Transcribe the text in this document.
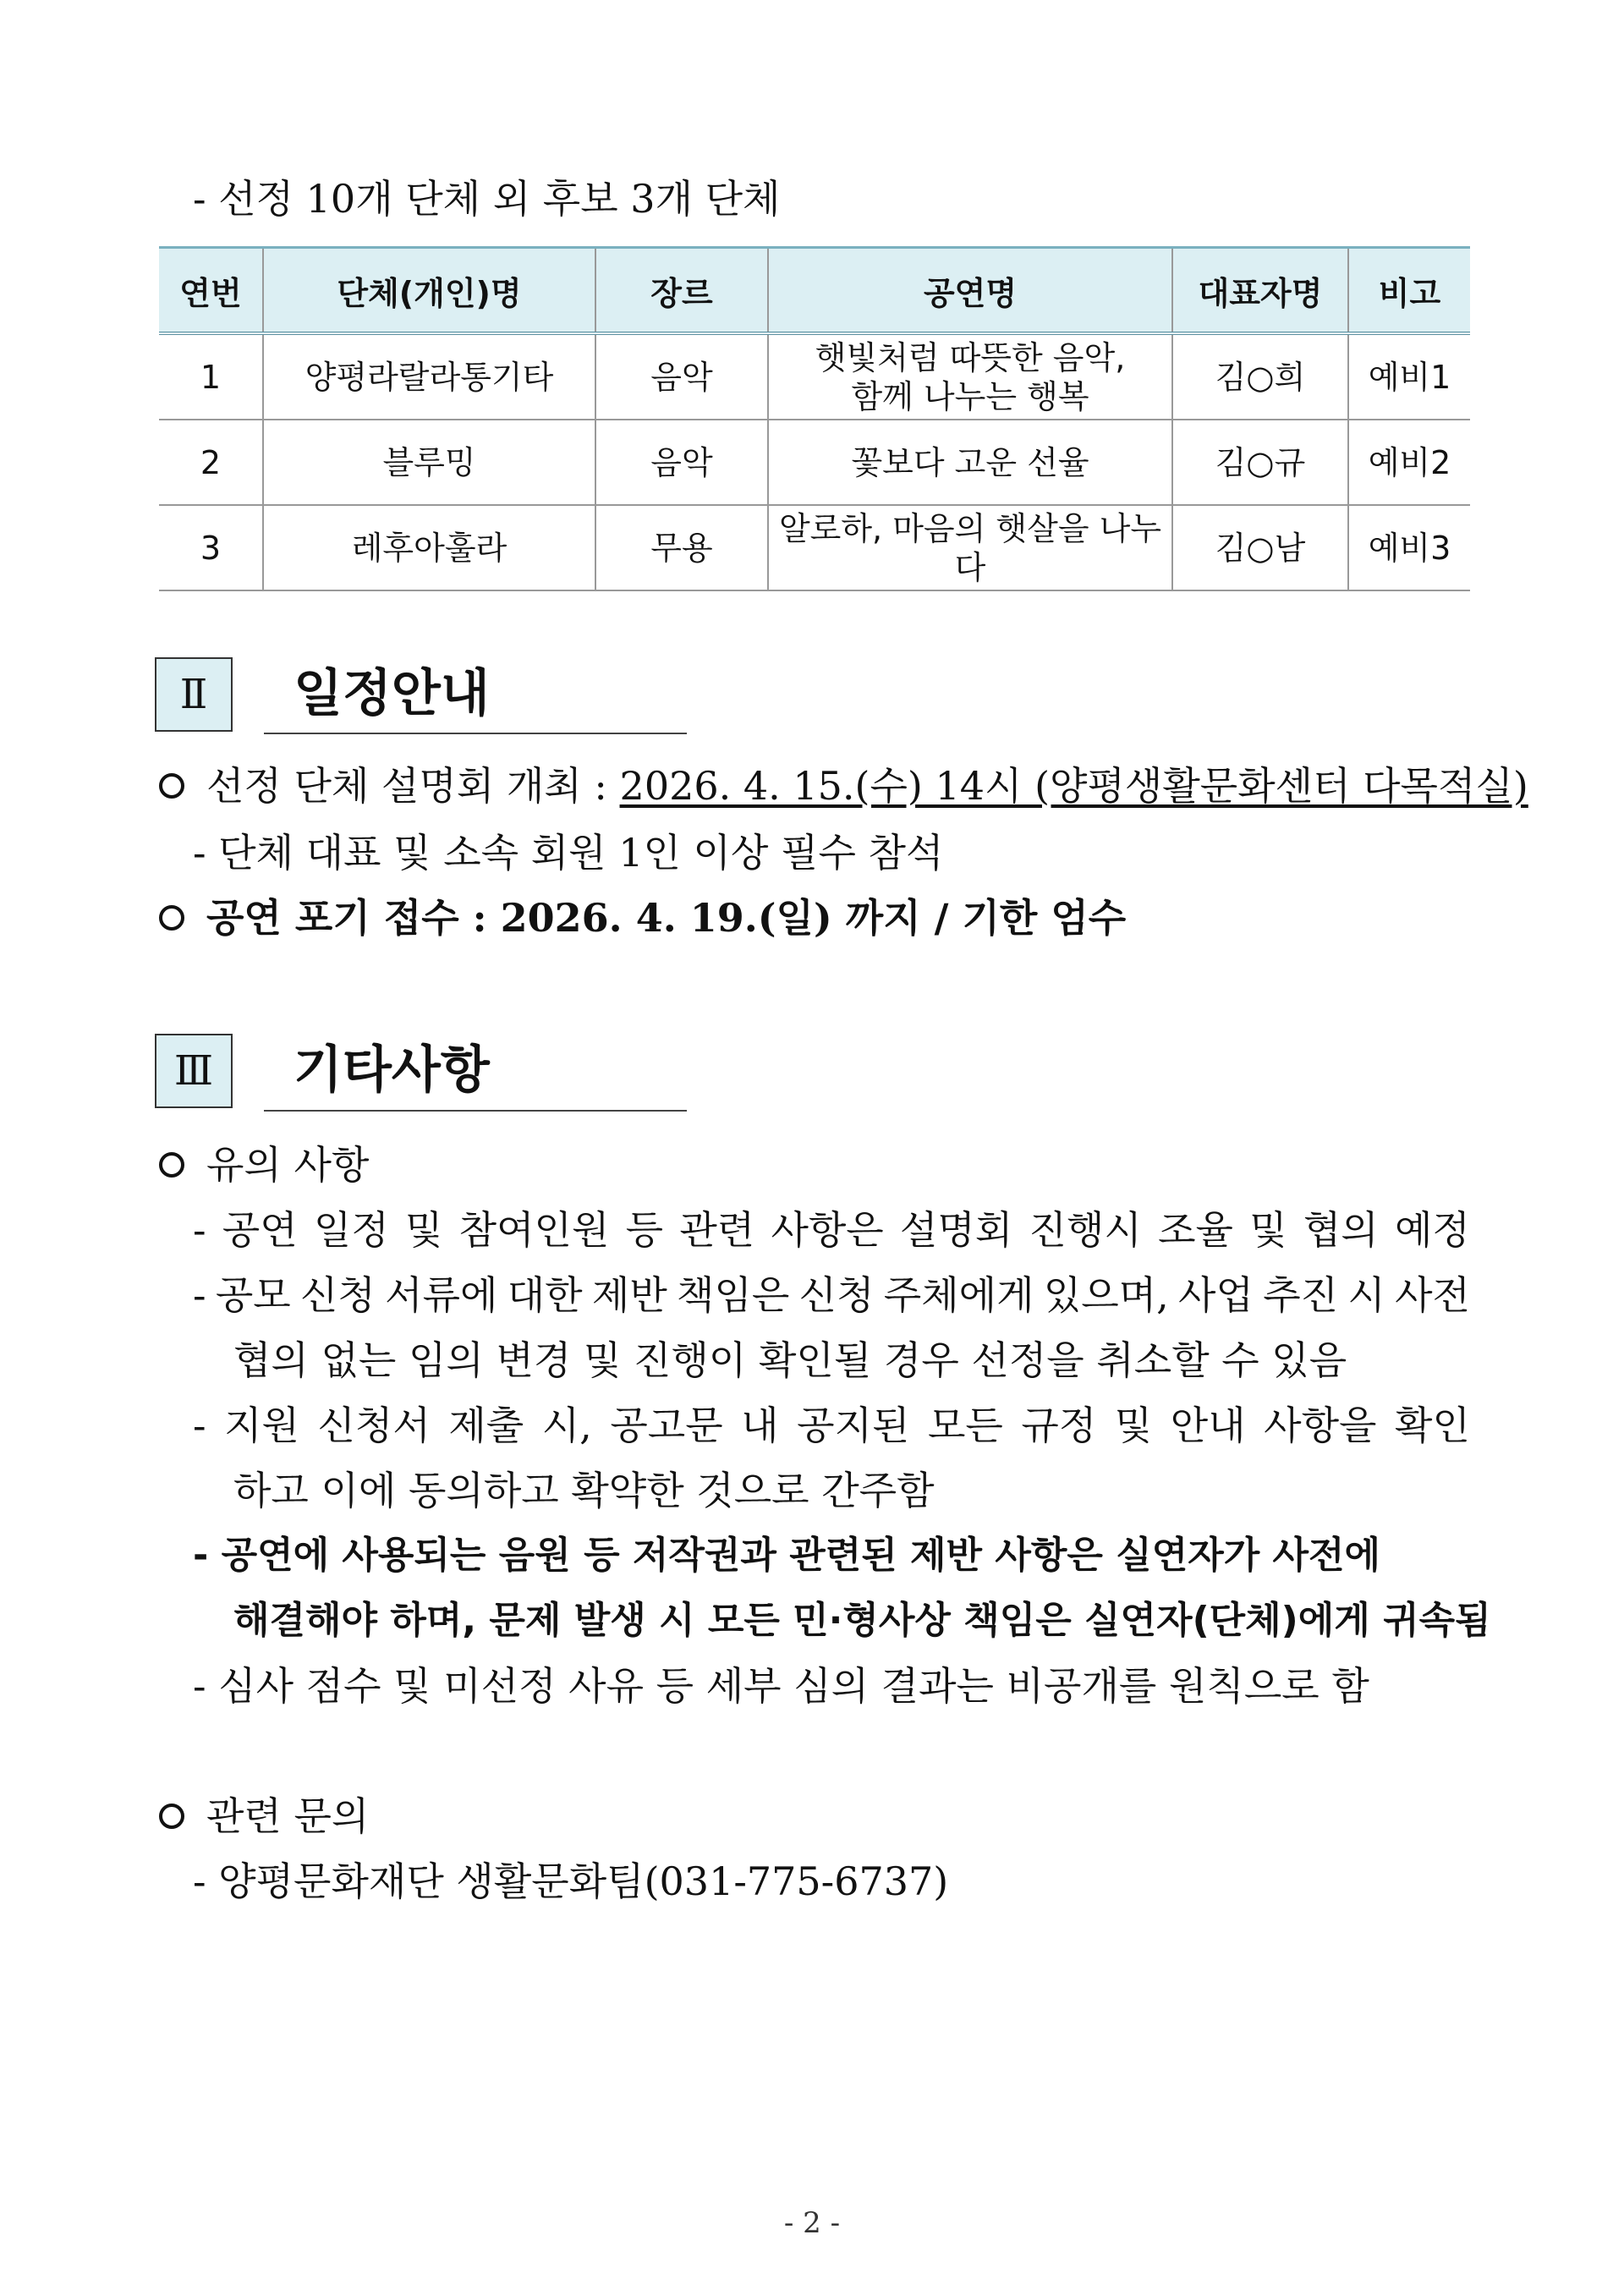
- 선정 10개 단체 외 후보 3개 단체
연번	단체(개인)명	장르	공연명	대표자명	비고
1	양평라랄라통기타	음악	햇빛처럼 따뜻한 음악,
함께 나누는 행복	김○희	예비1
2	블루밍	음악	꽃보다 고운 선율	김○규	예비2
3	레후아훌라	무용	알로하, 마음의 햇살을 나누다	김○남	예비3
Ⅱ 일정안내
선정 단체 설명회 개최 : 2026. 4. 15.(수) 14시 (양평생활문화센터 다목적실)
- 단체 대표 및 소속 회원 1인 이상 필수 참석
공연 포기 접수 : 2026. 4. 19.(일) 까지 / 기한 엄수
Ⅲ 기타사항
유의 사항
- 공연 일정 및 참여인원 등 관련 사항은 설명회 진행시 조율 및 협의 예정
- 공모 신청 서류에 대한 제반 책임은 신청 주체에게 있으며, 사업 추진 시 사전
협의 없는 임의 변경 및 진행이 확인될 경우 선정을 취소할 수 있음
- 지원 신청서 제출 시, 공고문 내 공지된 모든 규정 및 안내 사항을 확인
하고 이에 동의하고 확약한 것으로 간주함
- 공연에 사용되는 음원 등 저작권과 관련된 제반 사항은 실연자가 사전에
해결해야 하며, 문제 발생 시 모든 민·형사상 책임은 실연자(단체)에게 귀속됨
- 심사 점수 및 미선정 사유 등 세부 심의 결과는 비공개를 원칙으로 함
관련 문의
- 양평문화재단 생활문화팀(031-775-6737)
- 2 -
